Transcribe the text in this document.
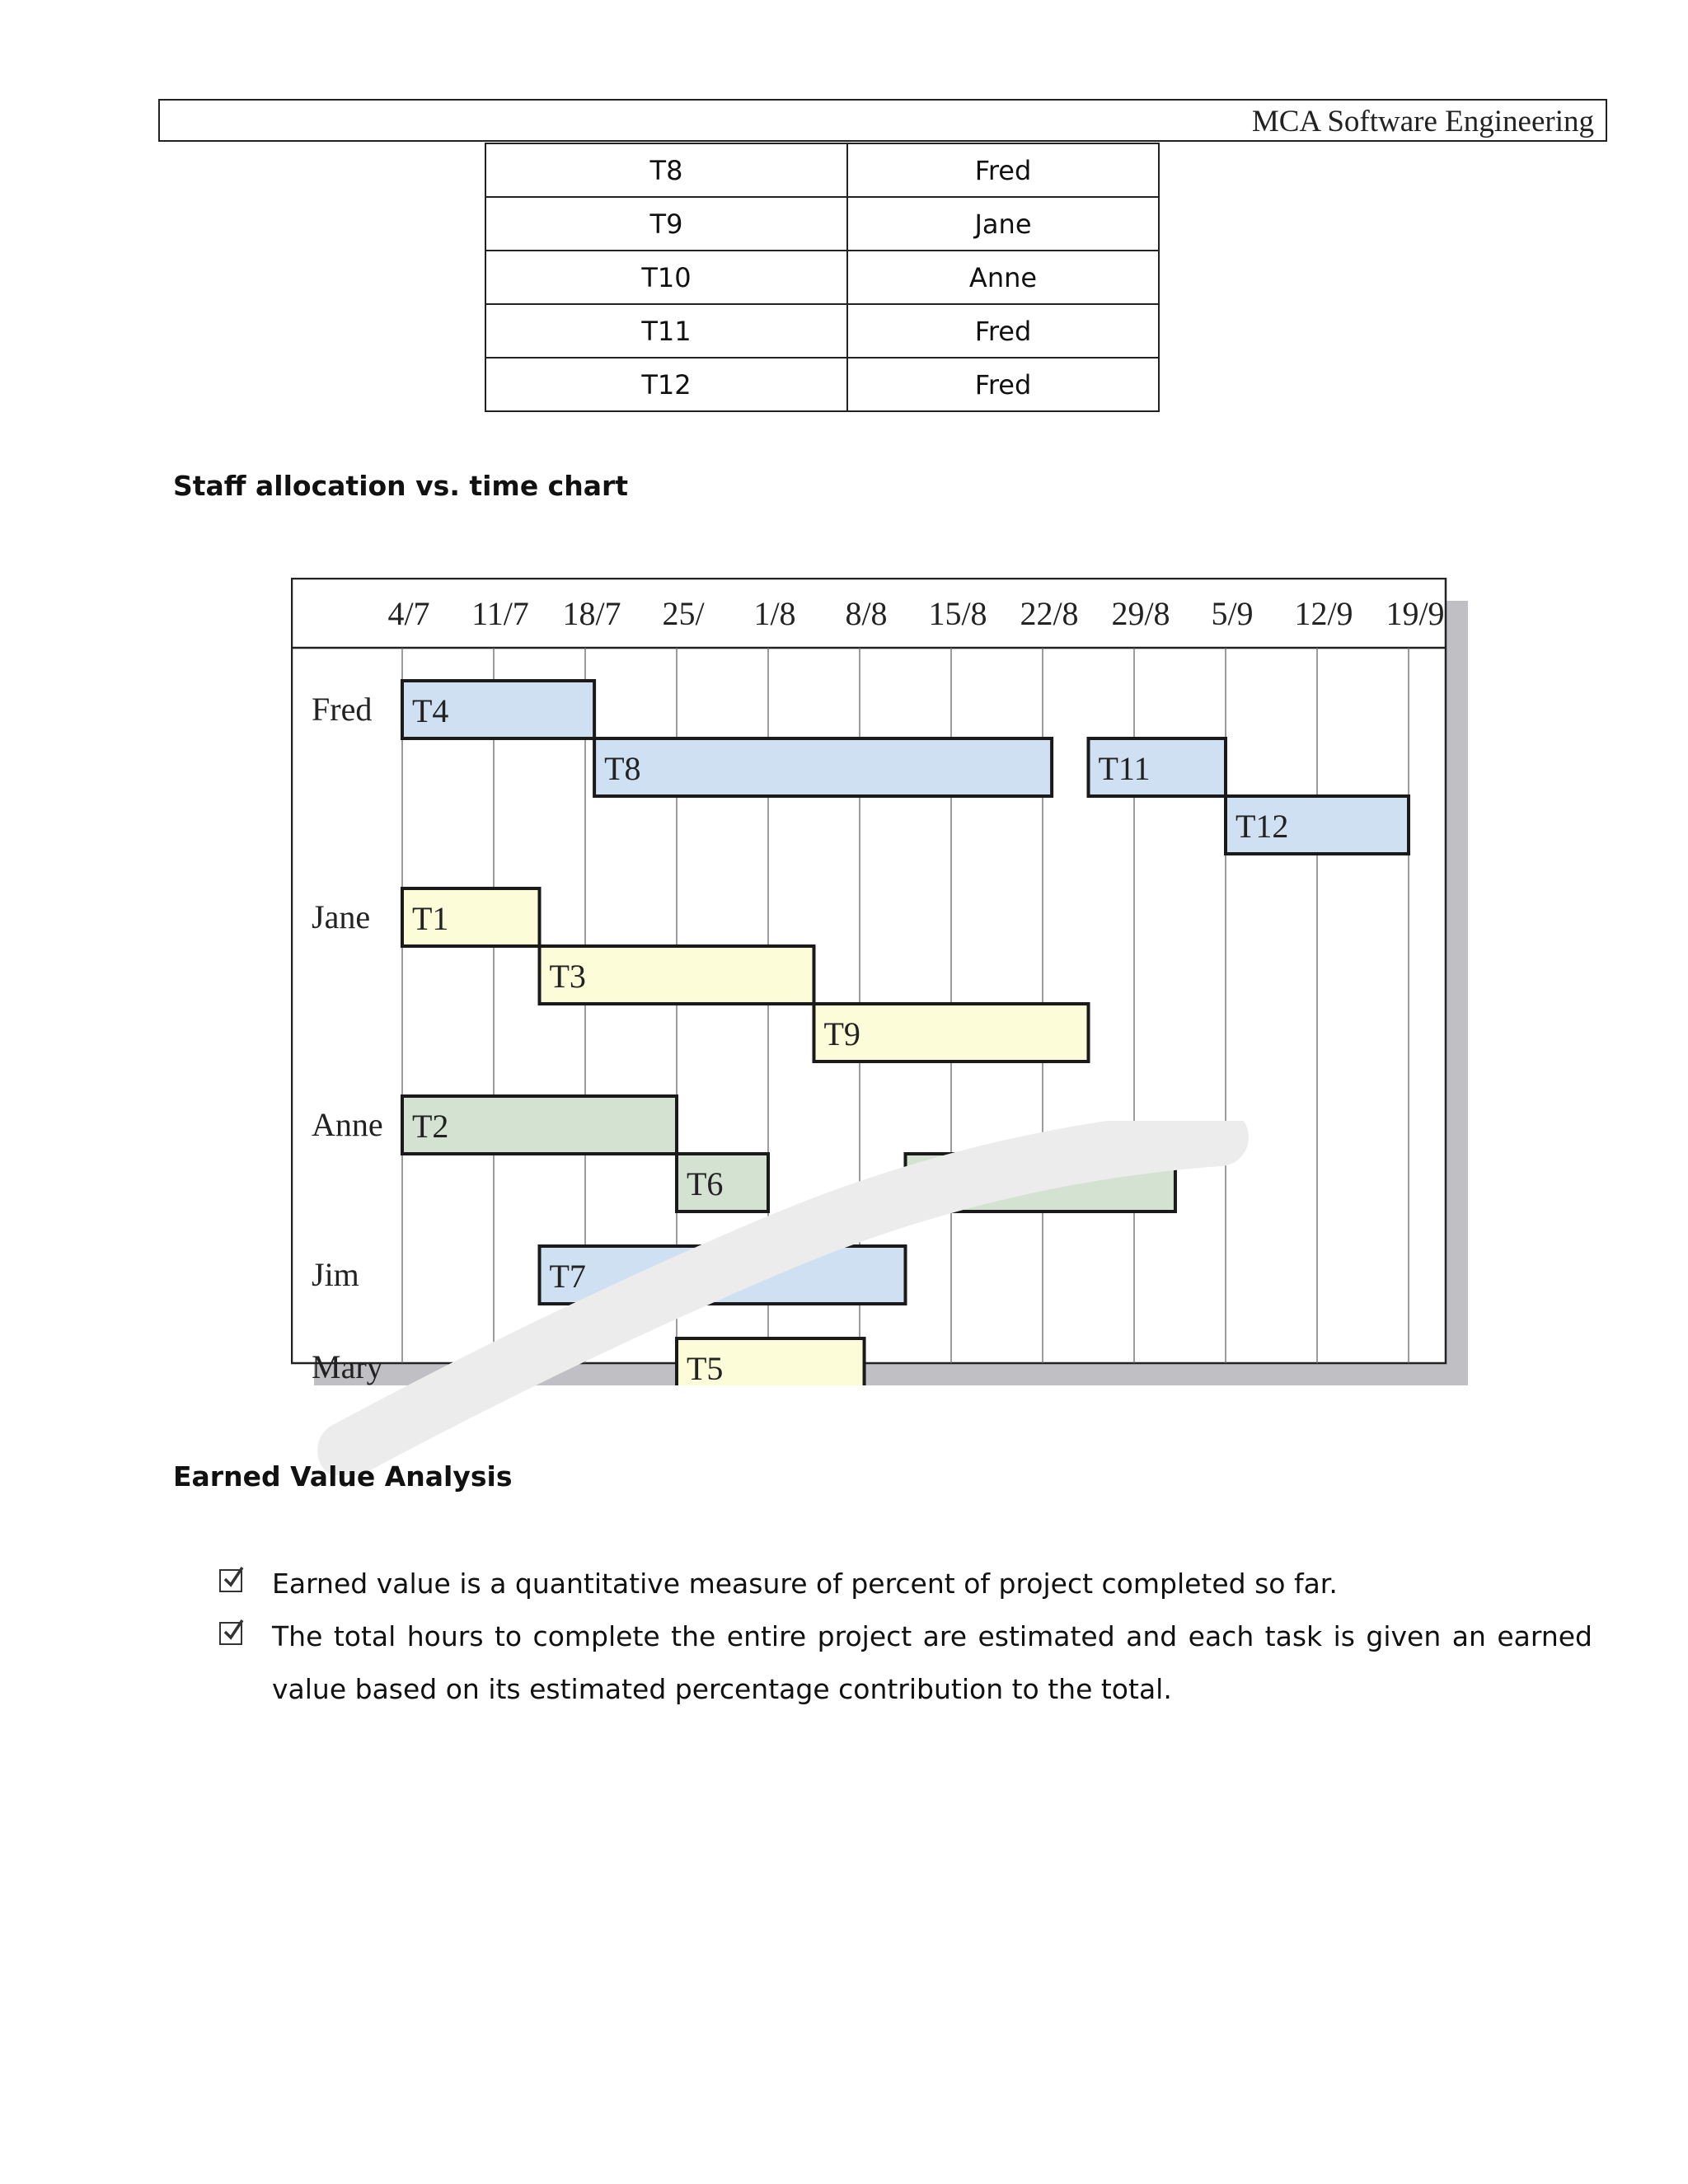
MCA Software Engineering
T8	Fred
T9	Jane
T10	Anne
T11	Fred
T12	Fred
Staff allocation vs. time chart
4/7 11/7 18/7 25/ 1/8 8/8 15/8 22/8 29/8 5/9 12/9 19/9
Fred
Jane
Anne
Jim
Mary
T4
T8	T11
T12
T1
T3
T9
T2
T6	T10
T7
T5
Earned Value Analysis
Earned value is a quantitative measure of percent of project completed so far.
The total hours to complete the entire project are estimated and each task is given an earned value based on its estimated percentage contribution to the total.
